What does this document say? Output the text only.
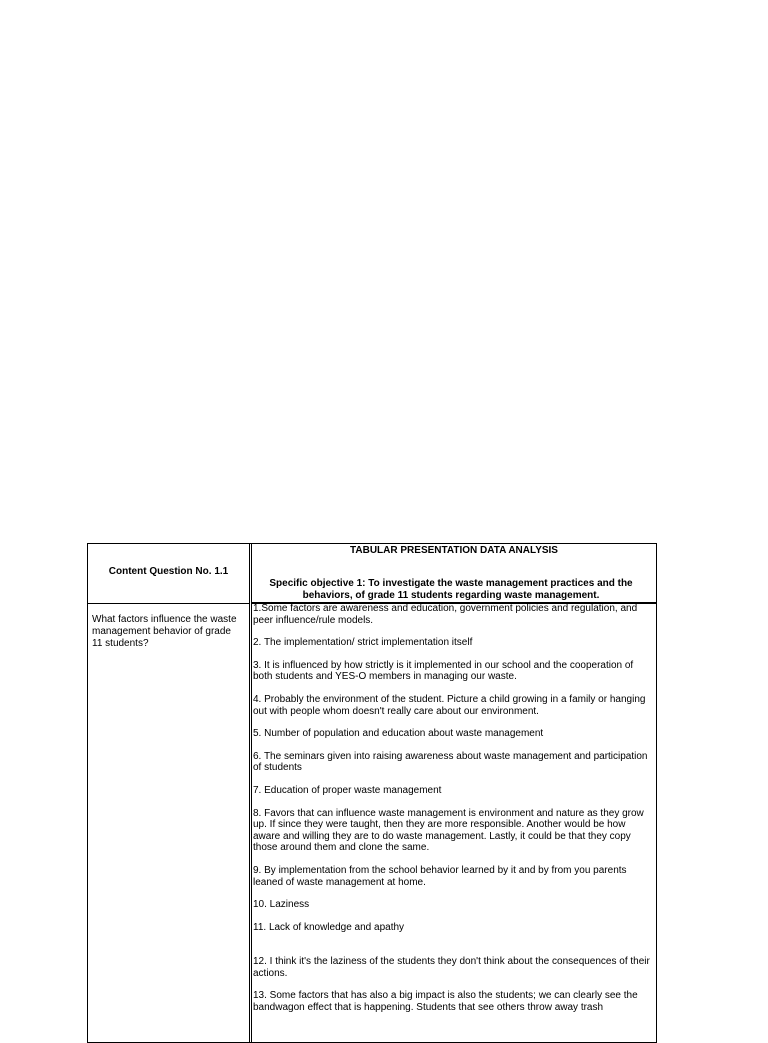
Content Question No. 1.1
TABULAR PRESENTATION DATA ANALYSIS
Specific objective 1: To investigate the waste management practices and the behaviors, of grade 11 students regarding waste management.
What factors influence the waste management behavior of grade 11 students?

1.Some factors are awareness and education, government policies and regulation, and peer influence/rule models.

2. The implementation/ strict implementation itself

3. It is influenced by how strictly is it implemented in our school and the cooperation of both students and YES-O members in managing our waste.

4. Probably the environment of the student. Picture a child growing in a family or hanging out with people whom doesn't really care about our environment.

5. Number of population and education about waste management

6. The seminars given into raising awareness about waste management and participation of students

7. Education of proper waste management

8. Favors that can influence waste management is environment and nature as they grow up. If since they were taught, then they are more responsible. Another would be how aware and willing they are to do waste management. Lastly, it could be that they copy those around them and clone the same.

9. By implementation from the school behavior learned by it and by from you parents leaned of waste management at home.

10. Laziness

11. Lack of knowledge and apathy

12. I think it's the laziness of the students they don't think about the consequences of their actions.

13. Some factors that has also a big impact is also the students; we can clearly see the bandwagon effect that is happening. Students that see others throw away trash
